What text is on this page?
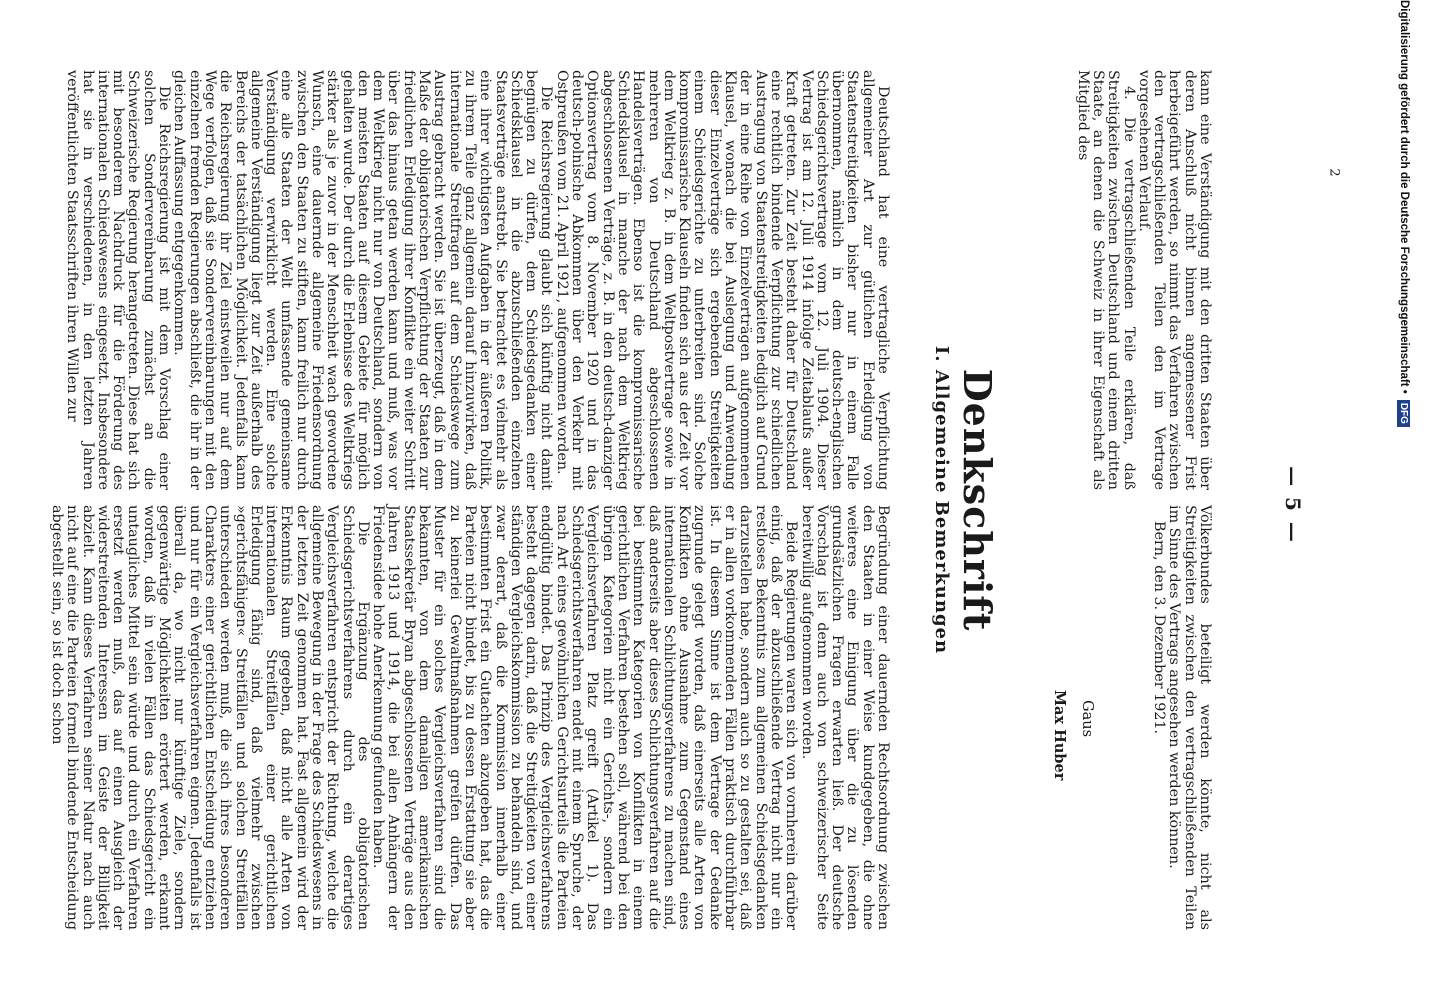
— 5 —

kann eine Verständigung mit den dritten Staaten über deren Anschluß nicht binnen angemessener Frist herbeigeführt werden, so nimmt das Verfahren zwischen den vertragschließenden Teilen den im Vertrage vorgesehenen Verlauf.

4. Die vertragschließenden Teile erklären, daß Streitigkeiten zwischen Deutschland und einem dritten Staate, an denen die Schweiz in ihrer Eigenschaft als Mitglied des

Völkerbundes beteiligt werden könnte, nicht als Streitigkeiten zwischen den vertragschließenden Teilen im Sinne des Vertrags angesehen werden können.

Bern, den 3. Dezember 1921.

Gaus
Max Huber
Denkschrift
I. Allgemeine Bemerkungen

Deutschland hat eine vertragliche Verpflichtung allgemeiner Art zur gütlichen Erledigung von Staatenstreitigkeiten bisher nur in einem Falle übernommen, nämlich in dem deutsch-englischen Schiedsgerichtsvertrage vom 12. Juli 1904. Dieser Vertrag ist am 12. Juli 1914 infolge Zeitablaufs außer Kraft getreten. Zur Zeit besteht daher für Deutschland eine rechtlich bindende Verpflichtung zur schiedlichen Austragung von Staatenstreitigkeiten lediglich auf Grund der in eine Reihe von Einzelverträgen aufgenommenen Klausel, wonach die bei Auslegung und Anwendung dieser Einzelverträge sich ergebenden Streitigkeiten einem Schiedsgerichte zu unterbreiten sind. Solche kompromissarische Klauseln finden sich aus der Zeit vor dem Weltkrieg z. B. in dem Weltpostvertrage sowie in mehreren von Deutschland abgeschlossenen Handelsverträgen. Ebenso ist die kompromissarische Schiedsklausel in manche der nach dem Weltkrieg abgeschlossenen Verträge, z. B. in den deutsch-danziger Optionsvertrag vom 8. November 1920 und in das deutsch-polnische Abkommen über den Verkehr mit Ostpreußen vom 21. April 1921, aufgenommen worden.

Die Reichsregierung glaubt sich künftig nicht damit begnügen zu dürfen, dem Schiedsgedanken einer Schiedsklausel in die abzuschließenden einzelnen Staatsverträge anstrebt. Sie betrachtet es vielmehr als eine ihrer wichtigsten Aufgaben in der äußeren Politik, zu ihrem Teile ganz allgemein darauf hinzuwirken, daß internationale Streitfragen auf dem Schiedswege zum Austrag gebracht werden. Sie ist überzeugt, daß in dem Maße der obligatorischen Verpflichtung der Staaten zur friedlichen Erledigung ihrer Konflikte ein weiter Schritt über das hinaus getan werden kann und muß, was vor dem Weltkrieg nicht nur von Deutschland, sondern von den meisten Staaten auf diesem Gebiete für möglich gehalten wurde. Der durch die Erlebnisse des Weltkriegs stärker als je zuvor in der Menschheit wach gewordene Wunsch, eine dauernde allgemeine Friedensordnung zwischen den Staaten zu stiften, kann freilich nur durch eine alle Staaten der Welt umfassende gemeinsame Verständigung verwirklicht werden. Eine solche allgemeine Verständigung liegt zur Zeit außerhalb des Bereichs der tatsächlichen Möglichkeit. Jedenfalls kann die Reichsregierung ihr Ziel einstweilen nur auf dem Wege verfolgen, daß sie Sondervereinbarungen mit den einzelnen fremden Regierungen abschließt, die ihr in der gleichen Auffassung entgegenkommen.

Die Reichsregierung ist mit dem Vorschlag einer solchen Sondervereinbarung zunächst an die Schweizerische Regierung herangetreten. Diese hat sich mit besonderem Nachdruck für die Förderung des internationalen Schiedswesens eingesetzt. Insbesondere hat sie in verschiedenen, in den letzten Jahren veröffentlichten Staatsschriften ihren Willen zur

Begründung einer dauernden Rechtsordnung zwischen den Staaten in einer Weise kundgegeben, die ohne weiteres eine Einigung über die zu lösenden grundsätzlichen Fragen erwarten ließ. Der deutsche Vorschlag ist denn auch von schweizerischer Seite bereitwillig aufgenommen worden.

Beide Regierungen waren sich von vornherein darüber einig, daß der abzuschließende Vertrag nicht nur ein restloses Bekenntnis zum allgemeinen Schiedsgedanken darzustellen habe, sondern auch so zu gestalten sei, daß er in allen vorkommenden Fällen praktisch durchführbar ist. In diesem Sinne ist dem Vertrage der Gedanke zugrunde gelegt worden, daß einerseits alle Arten von Konflikten ohne Ausnahme zum Gegenstand eines internationalen Schlichtungsverfahrens zu machen sind, daß anderseits aber dieses Schlichtungsverfahren auf die bei bestimmten Kategorien von Konflikten in einem gerichtlichen Verfahren bestehen soll, während bei den übrigen Kategorien nicht ein Gerichts-, sondern ein Vergleichsverfahren Platz greift (Artikel 1). Das Schiedsgerichtsverfahren endet mit einem Spruche, der nach Art eines gewöhnlichen Gerichtsurteils die Parteien endgültig bindet. Das Prinzip des Vergleichsverfahrens besteht dagegen darin, daß die Streitigkeiten von einer ständigen Vergleichskommission zu behandeln sind, und zwar derart, daß die Kommission innerhalb einer bestimmten Frist ein Gutachten abzugeben hat, das die Parteien nicht bindet, bis zu dessen Erstattung sie aber zu keinerlei Gewaltmaßnahmen greifen dürfen. Das Muster für ein solches Vergleichsverfahren sind die bekannten, von dem damaligen amerikanischen Staatssekretär Bryan abgeschlossenen Verträge aus den Jahren 1913 und 1914, die bei allen Anhängern der Friedensidee hohe Anerkennung gefunden haben.

Die Ergänzung des obligatorischen Schiedsgerichtsverfahrens durch ein derartiges Vergleichsverfahren entspricht der Richtung, welche die allgemeine Bewegung in der Frage des Schiedswesens in der letzten Zeit genommen hat. Fast allgemein wird der Erkenntnis Raum gegeben, daß nicht alle Arten von internationalen Streitfällen einer gerichtlichen Erledigung fähig sind, daß vielmehr zwischen »gerichtsfähigen« Streitfällen und solchen Streitfällen unterschieden werden muß, die sich ihres besonderen Charakters einer gerichtlichen Entscheidung entziehen und nur für ein Vergleichsverfahren eignen. Jedenfalls ist überall da, wo nicht nur künftige Ziele, sondern gegenwärtige Möglichkeiten erörtert werden, erkannt worden, daß in vielen Fällen das Schiedsgericht ein untaugliches Mittel sein würde und durch ein Verfahren ersetzt werden muß, das auf einen Ausgleich der widerstreitenden Interessen im Geiste der Billigkeit abzielt. Kann dieses Verfahren seiner Natur nach auch nicht auf eine die Parteien formell bindende Entscheidung abgestellt sein, so ist doch schon

2	Digitalisierung gefördert durch die Deutsche Forschungsgemeinschaft •
DFG
